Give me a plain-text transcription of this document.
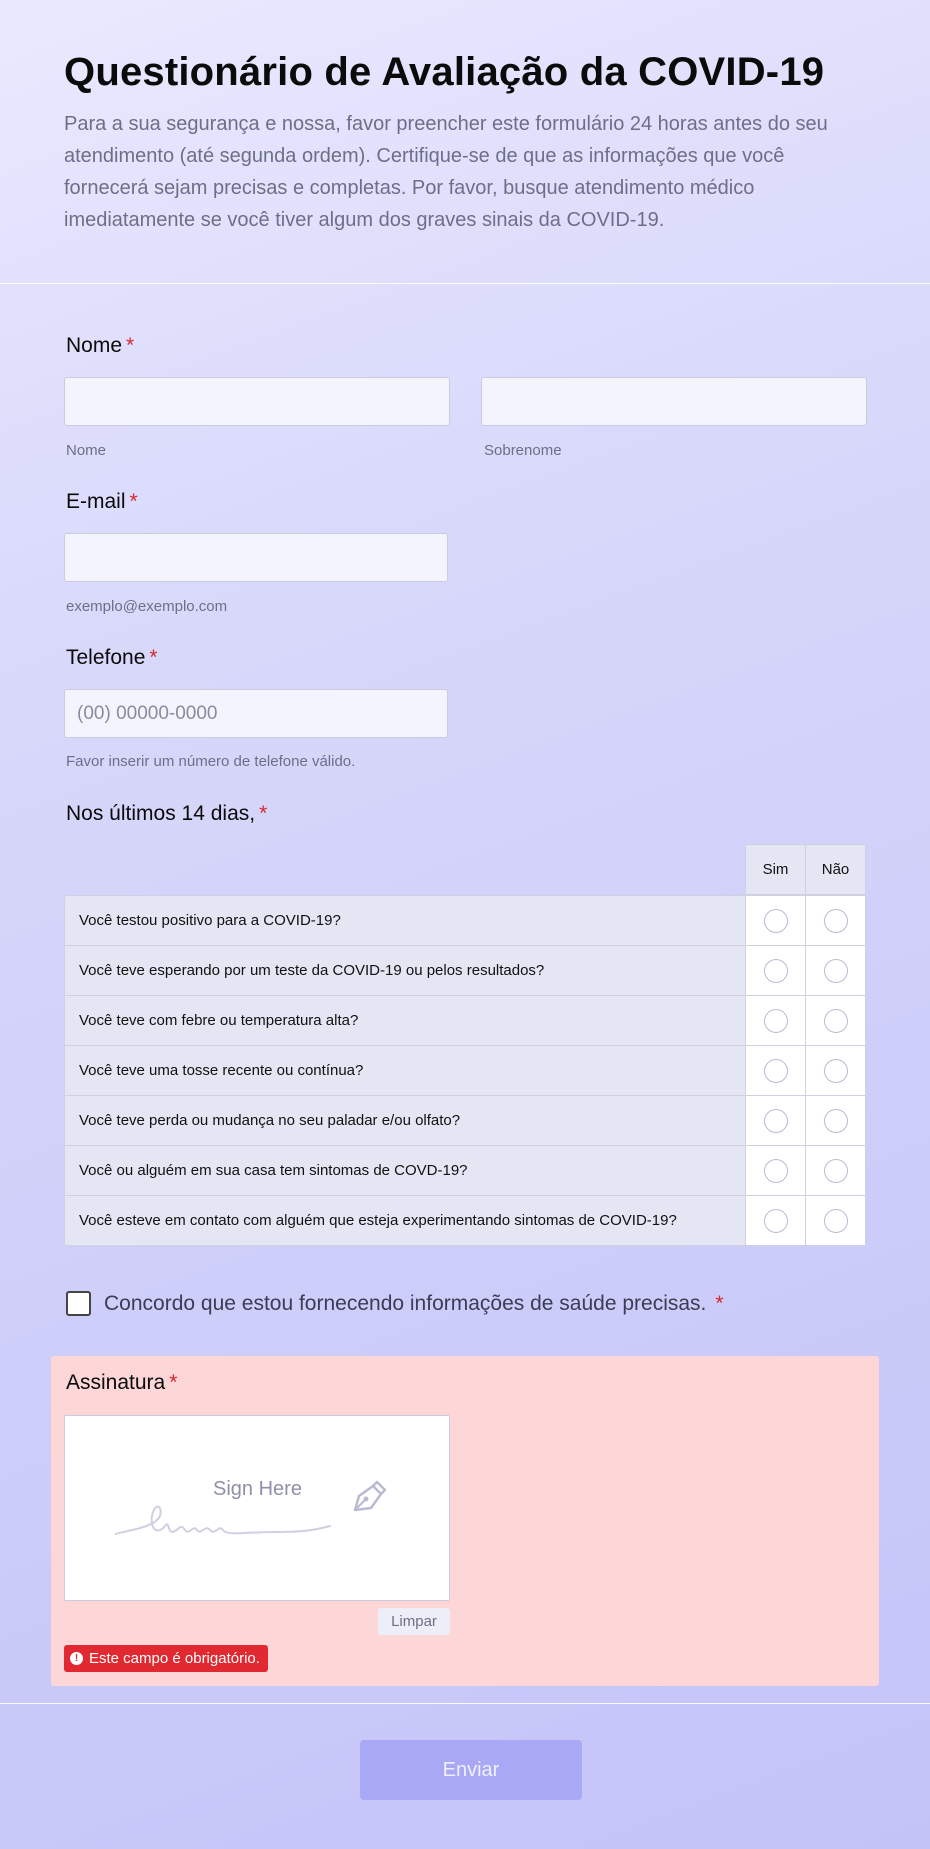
Questionário de Avaliação da COVID-19

Para a sua segurança e nossa, favor preencher este formulário 24 horas antes do seu atendimento (até segunda ordem). Certifique-se de que as informações que você fornecerá sejam precisas e completas. Por favor, busque atendimento médico imediatamente se você tiver algum dos graves sinais da COVID-19.

Nome *
Nome	Sobrenome
E-mail *
exemplo@exemplo.com
Telefone *
(00) 00000-0000
Favor inserir um número de telefone válido.
Nos últimos 14 dias, *
Sim	Não
Você testou positivo para a COVID-19?
Você teve esperando por um teste da COVID-19 ou pelos resultados?
Você teve com febre ou temperatura alta?
Você teve uma tosse recente ou contínua?
Você teve perda ou mudança no seu paladar e/ou olfato?
Você ou alguém em sua casa tem sintomas de COVD-19?
Você esteve em contato com alguém que esteja experimentando sintomas de COVID-19?
Concordo que estou fornecendo informações de saúde precisas. *
Assinatura *
Sign Here
Limpar
! Este campo é obrigatório.
Enviar
